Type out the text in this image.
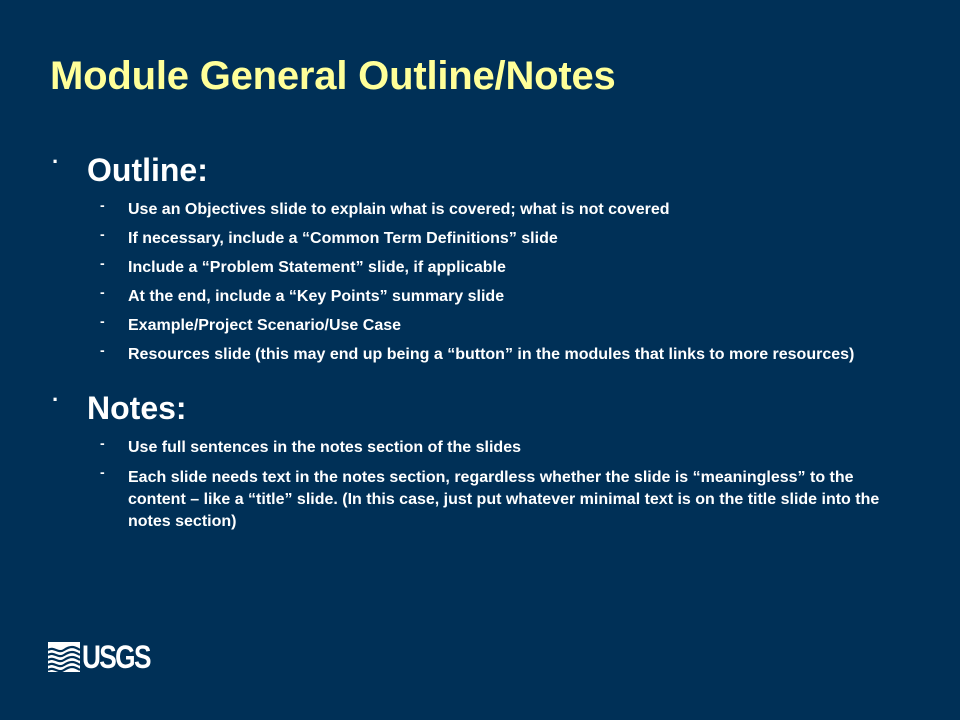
Module General Outline/Notes
· Outline:
- Use an Objectives slide to explain what is covered; what is not covered
- If necessary, include a “Common Term Definitions” slide
- Include a “Problem Statement” slide, if applicable
- At the end, include a “Key Points” summary slide
- Example/Project Scenario/Use Case
- Resources slide (this may end up being a “button” in the modules that links to more resources)
· Notes:
- Use full sentences in the notes section of the slides
- Each slide needs text in the notes section, regardless whether the slide is “meaningless” to the content – like a “title” slide. (In this case, just put whatever minimal text is on the title slide into the notes section)
USGS
